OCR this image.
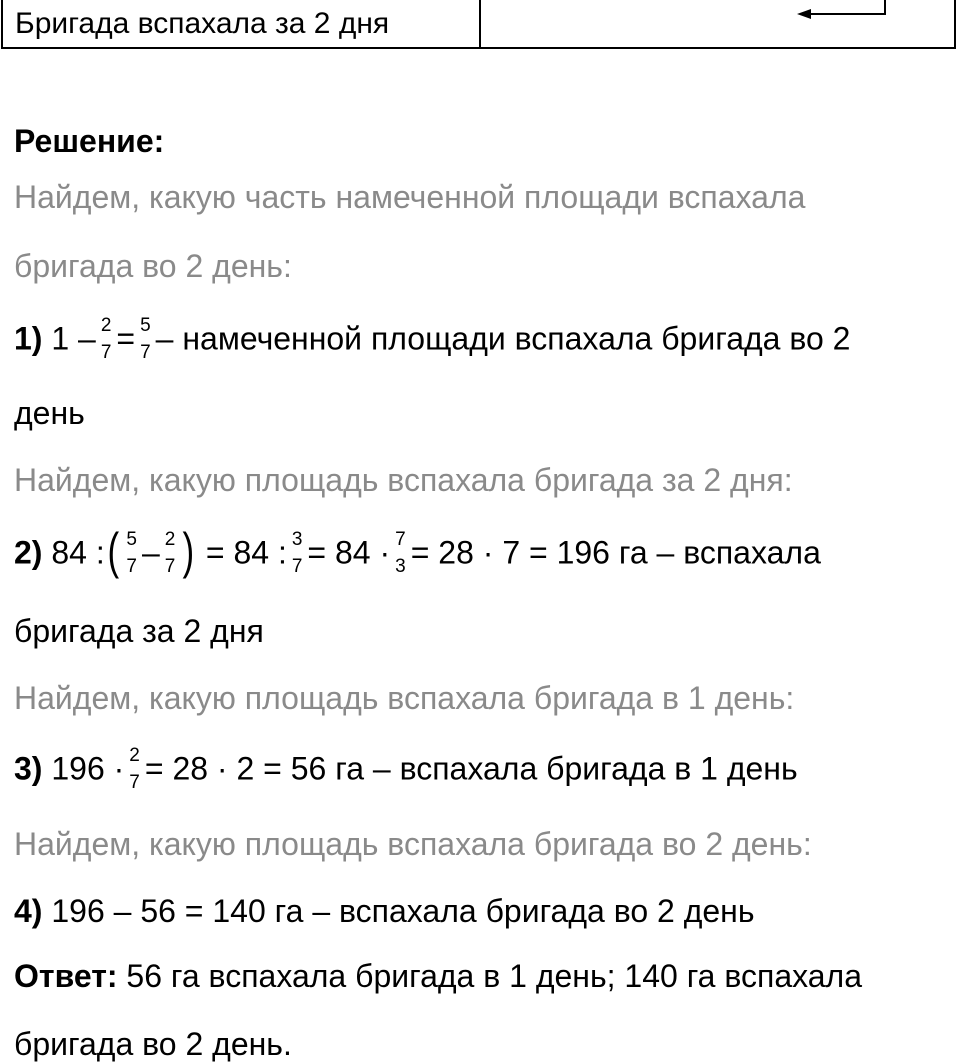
Бригада вспахала за 2 дня
Решение:
Найдем, какую часть намеченной площади вспахала
бригада во 2 день:
1) 1 – 2
7 = 5
7 – намеченной площади вспахала бригада во 2
день
Найдем, какую площадь вспахала бригада за 2 дня:
2) 84 :( 5
7 – 2
7 ) = 84 : 3
7 = 84 · 7
3 = 28 · 7 = 196 га – вспахала
бригада за 2 дня
Найдем, какую площадь вспахала бригада в 1 день:
3) 196 · 2
7 = 28 · 2 = 56 га – вспахала бригада в 1 день
Найдем, какую площадь вспахала бригада во 2 день:
4) 196 – 56 = 140 га – вспахала бригада во 2 день
Ответ: 56 га вспахала бригада в 1 день; 140 га вспахала
бригада во 2 день.
